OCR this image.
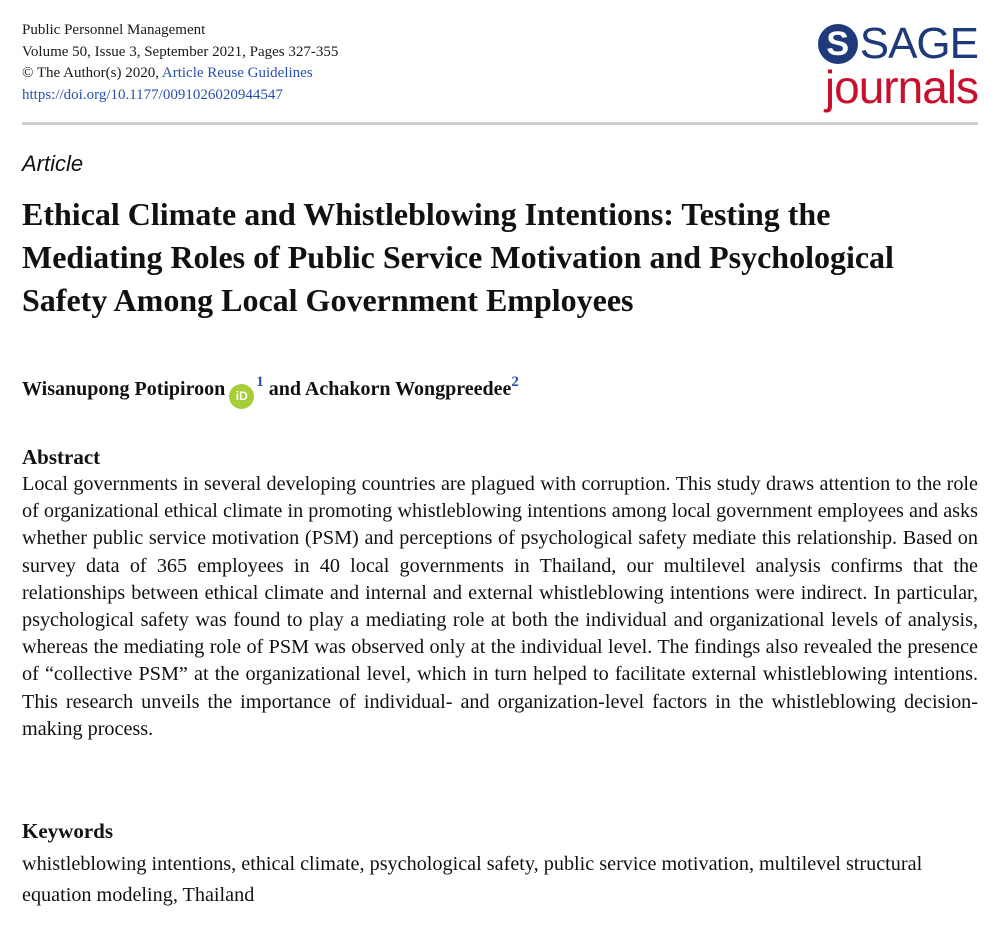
Public Personnel Management
Volume 50, Issue 3, September 2021, Pages 327-355
© The Author(s) 2020, Article Reuse Guidelines
https://doi.org/10.1177/0091026020944547
S SAGE
journals
Article
Ethical Climate and Whistleblowing Intentions: Testing the Mediating Roles of Public Service Motivation and Psychological Safety Among Local Government Employees
Wisanupong Potipiroon $iD^1$ and Achakorn Wongpreedee$^2$
Abstract

Local governments in several developing countries are plagued with corruption. This study draws attention to the role of organizational ethical climate in promoting whistleblowing intentions among local government employees and asks whether public service motivation (PSM) and perceptions of psychological safety mediate this relationship. Based on survey data of 365 employees in 40 local governments in Thailand, our multilevel analysis confirms that the relationships between ethical climate and internal and external whistleblowing intentions were indirect. In particular, psychological safety was found to play a mediating role at both the individual and organizational levels of analysis, whereas the mediating role of PSM was observed only at the individual level. The findings also revealed the presence of “collective PSM” at the organizational level, which in turn helped to facilitate external whistleblowing intentions. This research unveils the importance of individual- and organization-level factors in the whistleblowing decision-making process.

Keywords

whistleblowing intentions, ethical climate, psychological safety, public service motivation, multilevel structural equation modeling, Thailand
